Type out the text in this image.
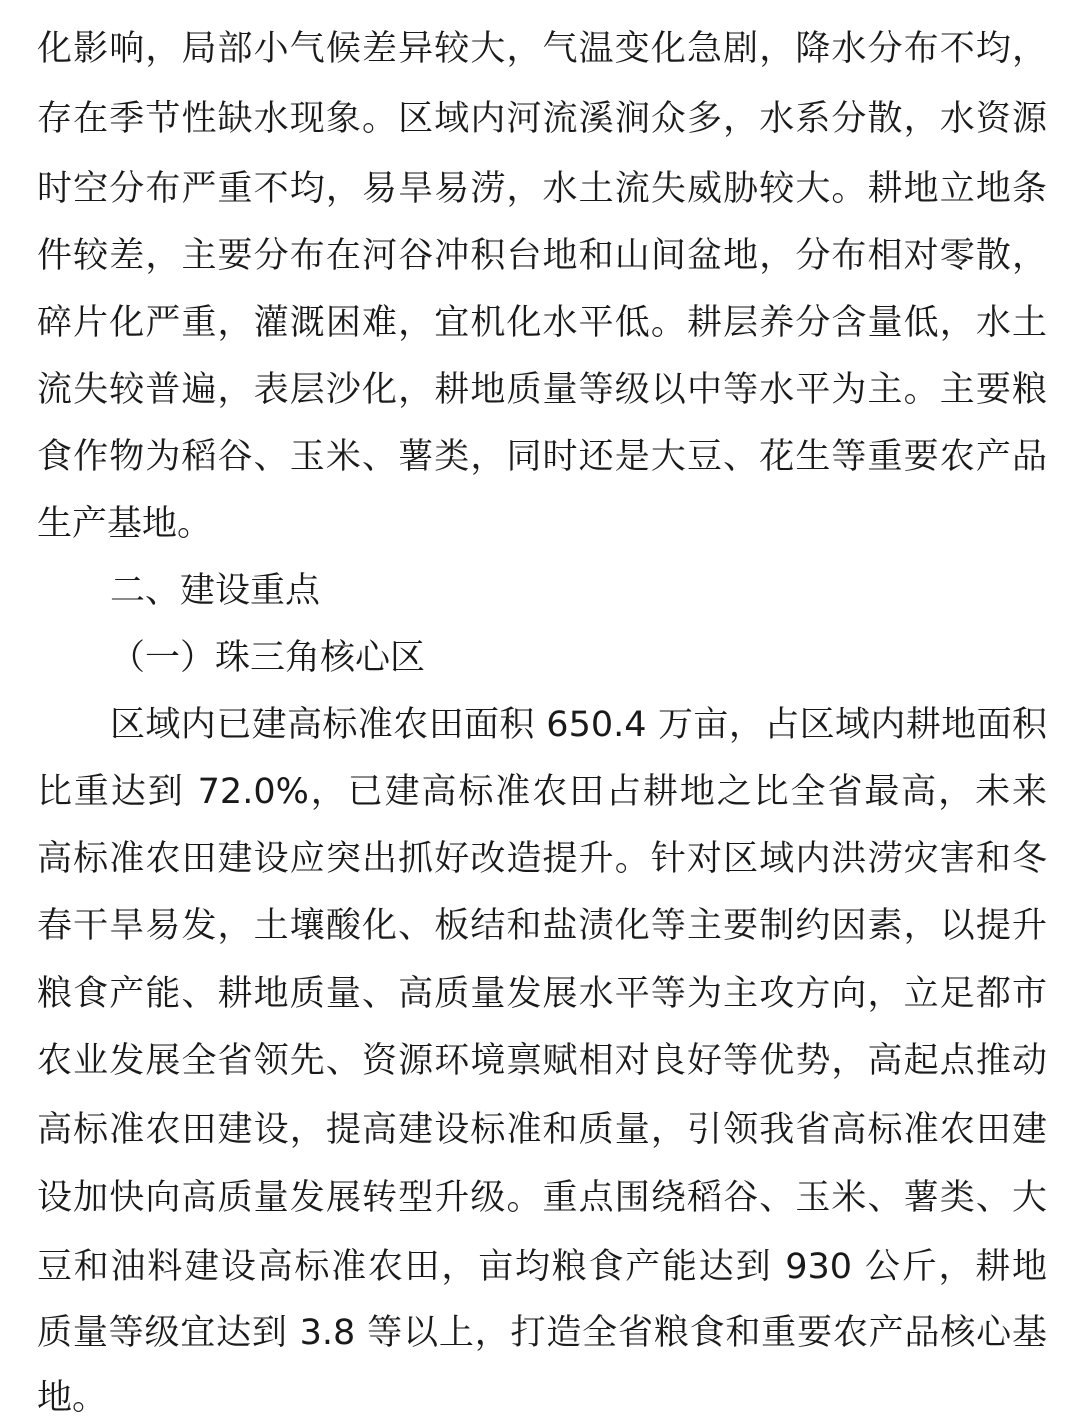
化影响，局部小气候差异较大，气温变化急剧，降水分布不均，

存在季节性缺水现象。区域内河流溪涧众多，水系分散，水资源

时空分布严重不均，易旱易涝，水土流失威胁较大。耕地立地条

件较差，主要分布在河谷冲积台地和山间盆地，分布相对零散，

碎片化严重，灌溉困难，宜机化水平低。耕层养分含量低，水土

流失较普遍，表层沙化，耕地质量等级以中等水平为主。主要粮

食作物为稻谷、玉米、薯类，同时还是大豆、花生等重要农产品

生产基地。

二、建设重点

（一）珠三角核心区

区域内已建高标准农田面积 650.4 万亩，占区域内耕地面积

比重达到 72.0%，已建高标准农田占耕地之比全省最高，未来

高标准农田建设应突出抓好改造提升。针对区域内洪涝灾害和冬

春干旱易发，土壤酸化、板结和盐渍化等主要制约因素，以提升

粮食产能、耕地质量、高质量发展水平等为主攻方向，立足都市

农业发展全省领先、资源环境禀赋相对良好等优势，高起点推动

高标准农田建设，提高建设标准和质量，引领我省高标准农田建

设加快向高质量发展转型升级。重点围绕稻谷、玉米、薯类、大

豆和油料建设高标准农田，亩均粮食产能达到 930 公斤，耕地

质量等级宜达到 3.8 等以上，打造全省粮食和重要农产品核心基

地。
